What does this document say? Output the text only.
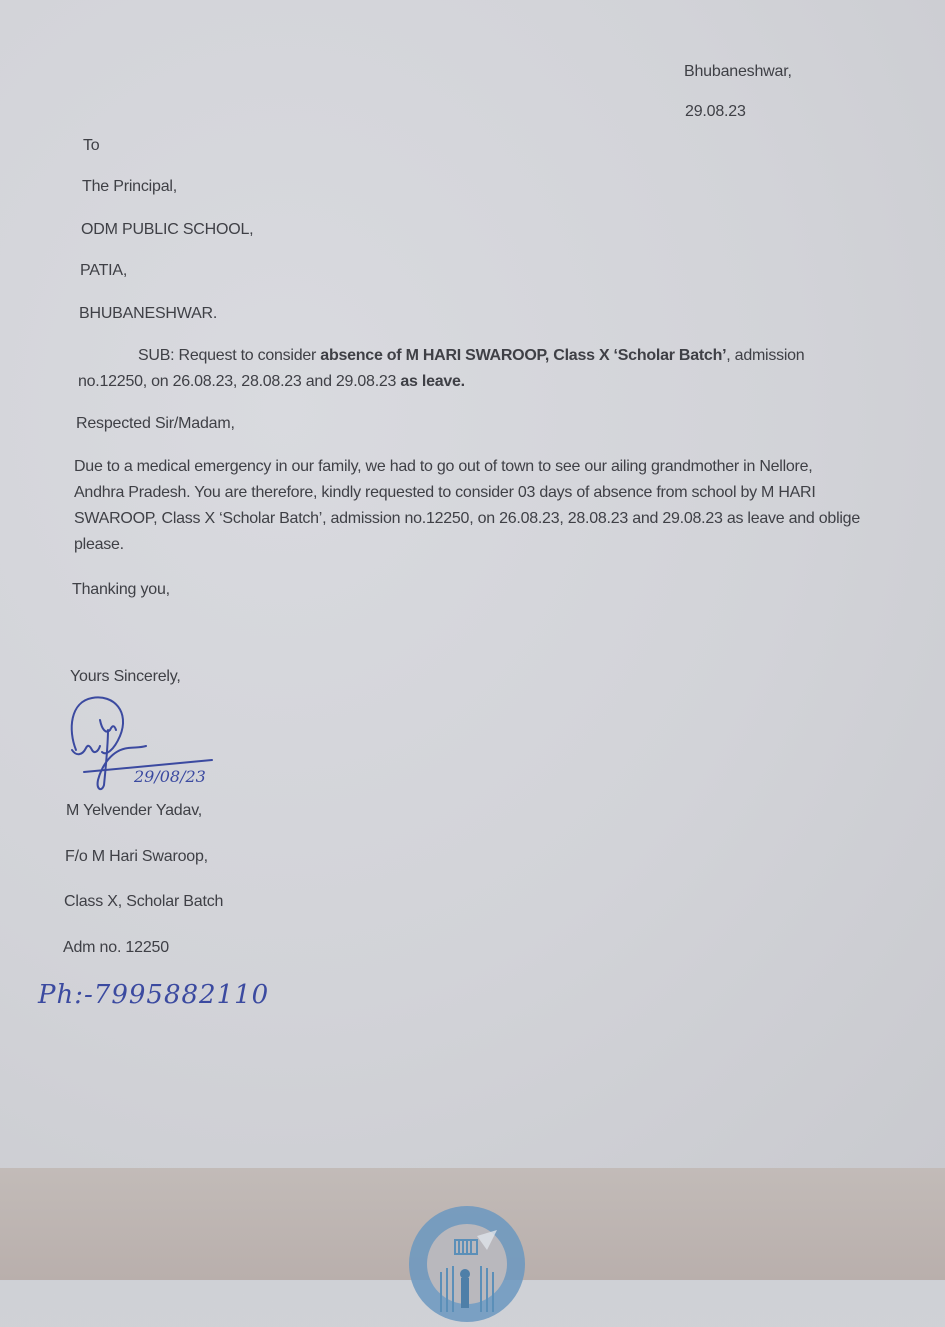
Bhubaneshwar,
29.08.23
To
The Principal,
ODM PUBLIC SCHOOL,
PATIA,
BHUBANESHWAR.
SUB: Request to consider absence of M HARI SWAROOP, Class X ‘Scholar Batch’, admission no.12250, on 26.08.23, 28.08.23 and 29.08.23 as leave.
Respected Sir/Madam,
Due to a medical emergency in our family, we had to go out of town to see our ailing grandmother in Nellore, Andhra Pradesh. You are therefore, kindly requested to consider 03 days of absence from school by M HARI SWAROOP, Class X ‘Scholar Batch’, admission no.12250, on 26.08.23, 28.08.23 and 29.08.23 as leave and oblige please.
Thanking you,
Yours Sincerely,
29/08/23
M Yelvender Yadav,
F/o M Hari Swaroop,
Class X, Scholar Batch
Adm no. 12250
Ph:-7995882110
